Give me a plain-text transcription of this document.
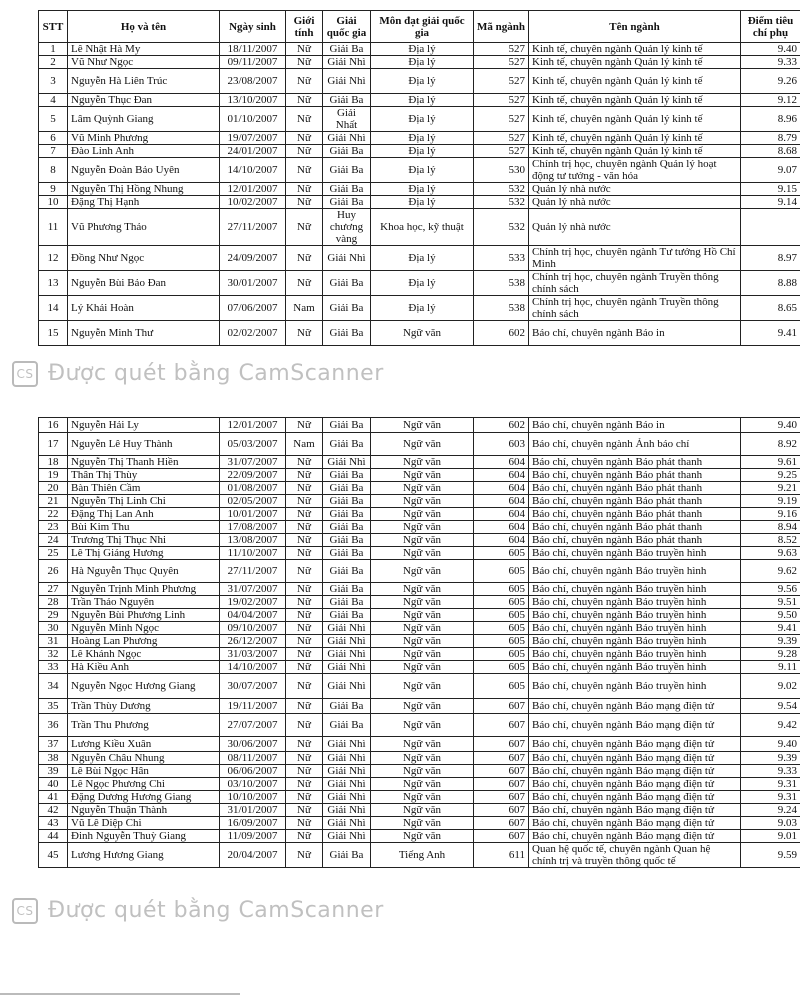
STT	Họ và tên	Ngày sinh	Giới tính	Giải quốc gia	Môn đạt giải quốc gia	Mã ngành	Tên ngành	Điểm tiêu chí phụ
1	Lê Nhật Hà My	18/11/2007	Nữ	Giải Ba	Địa lý	527	Kinh tế, chuyên ngành Quản lý kinh tế	9.40
2	Vũ Như Ngọc	09/11/2007	Nữ	Giải Nhì	Địa lý	527	Kinh tế, chuyên ngành Quản lý kinh tế	9.33
3	Nguyễn Hà Liên Trúc	23/08/2007	Nữ	Giải Nhì	Địa lý	527	Kinh tế, chuyên ngành Quản lý kinh tế	9.26
4	Nguyễn Thục Đan	13/10/2007	Nữ	Giải Ba	Địa lý	527	Kinh tế, chuyên ngành Quản lý kinh tế	9.12
5	Lâm Quỳnh Giang	01/10/2007	Nữ	Giải Nhất	Địa lý	527	Kinh tế, chuyên ngành Quản lý kinh tế	8.96
6	Vũ Minh Phương	19/07/2007	Nữ	Giải Nhì	Địa lý	527	Kinh tế, chuyên ngành Quản lý kinh tế	8.79
7	Đào Linh Anh	24/01/2007	Nữ	Giải Ba	Địa lý	527	Kinh tế, chuyên ngành Quản lý kinh tế	8.68
8	Nguyễn Đoàn Bảo Uyên	14/10/2007	Nữ	Giải Ba	Địa lý	530	Chính trị học, chuyên ngành Quản lý hoạt động tư tưởng - văn hóa	9.07
9	Nguyễn Thị Hồng Nhung	12/01/2007	Nữ	Giải Ba	Địa lý	532	Quản lý nhà nước	9.15
10	Đặng Thị Hạnh	10/02/2007	Nữ	Giải Ba	Địa lý	532	Quản lý nhà nước	9.14
11	Vũ Phương Thảo	27/11/2007	Nữ	Huy chương vàng	Khoa học, kỹ thuật	532	Quản lý nhà nước	
12	Đồng Như Ngọc	24/09/2007	Nữ	Giải Nhì	Địa lý	533	Chính trị học, chuyên ngành Tư tưởng Hồ Chí Minh	8.97
13	Nguyễn Bùi Bảo Đan	30/01/2007	Nữ	Giải Ba	Địa lý	538	Chính trị học, chuyên ngành Truyền thông chính sách	8.88
14	Lý Khải Hoàn	07/06/2007	Nam	Giải Ba	Địa lý	538	Chính trị học, chuyên ngành Truyền thông chính sách	8.65
15	Nguyễn Minh Thư	02/02/2007	Nữ	Giải Ba	Ngữ văn	602	Báo chí, chuyên ngành Báo in	9.41
16	Nguyễn Hải Ly	12/01/2007	Nữ	Giải Ba	Ngữ văn	602	Báo chí, chuyên ngành Báo in	9.40
17	Nguyễn Lê Huy Thành	05/03/2007	Nam	Giải Ba	Ngữ văn	603	Báo chí, chuyên ngành Ảnh báo chí	8.92
18	Nguyễn Thị Thanh Hiền	31/07/2007	Nữ	Giải Nhì	Ngữ văn	604	Báo chí, chuyên ngành Báo phát thanh	9.61
19	Thân Thị Thùy	22/09/2007	Nữ	Giải Ba	Ngữ văn	604	Báo chí, chuyên ngành Báo phát thanh	9.25
20	Bàn Thiên Cầm	01/08/2007	Nữ	Giải Ba	Ngữ văn	604	Báo chí, chuyên ngành Báo phát thanh	9.21
21	Nguyễn Thị Linh Chi	02/05/2007	Nữ	Giải Ba	Ngữ văn	604	Báo chí, chuyên ngành Báo phát thanh	9.19
22	Đặng Thị Lan Anh	10/01/2007	Nữ	Giải Ba	Ngữ văn	604	Báo chí, chuyên ngành Báo phát thanh	9.16
23	Bùi Kim Thu	17/08/2007	Nữ	Giải Ba	Ngữ văn	604	Báo chí, chuyên ngành Báo phát thanh	8.94
24	Trương Thị Thục Nhi	13/08/2007	Nữ	Giải Ba	Ngữ văn	604	Báo chí, chuyên ngành Báo phát thanh	8.52
25	Lê Thị Giáng Hương	11/10/2007	Nữ	Giải Ba	Ngữ văn	605	Báo chí, chuyên ngành Báo truyền hình	9.63
26	Hà Nguyễn Thục Quyên	27/11/2007	Nữ	Giải Ba	Ngữ văn	605	Báo chí, chuyên ngành Báo truyền hình	9.62
27	Nguyễn Trịnh Minh Phương	31/07/2007	Nữ	Giải Ba	Ngữ văn	605	Báo chí, chuyên ngành Báo truyền hình	9.56
28	Trần Thảo Nguyên	19/02/2007	Nữ	Giải Ba	Ngữ văn	605	Báo chí, chuyên ngành Báo truyền hình	9.51
29	Nguyễn Bùi Phương Linh	04/04/2007	Nữ	Giải Ba	Ngữ văn	605	Báo chí, chuyên ngành Báo truyền hình	9.50
30	Nguyễn Minh Ngọc	09/10/2007	Nữ	Giải Nhì	Ngữ văn	605	Báo chí, chuyên ngành Báo truyền hình	9.41
31	Hoàng Lan Phương	26/12/2007	Nữ	Giải Nhì	Ngữ văn	605	Báo chí, chuyên ngành Báo truyền hình	9.39
32	Lê Khánh Ngọc	31/03/2007	Nữ	Giải Nhì	Ngữ văn	605	Báo chí, chuyên ngành Báo truyền hình	9.28
33	Hà Kiều Anh	14/10/2007	Nữ	Giải Nhì	Ngữ văn	605	Báo chí, chuyên ngành Báo truyền hình	9.11
34	Nguyễn Ngọc Hương Giang	30/07/2007	Nữ	Giải Nhì	Ngữ văn	605	Báo chí, chuyên ngành Báo truyền hình	9.02
35	Trần Thùy Dương	19/11/2007	Nữ	Giải Ba	Ngữ văn	607	Báo chí, chuyên ngành Báo mạng điện tử	9.54
36	Trần Thu Phương	27/07/2007	Nữ	Giải Ba	Ngữ văn	607	Báo chí, chuyên ngành Báo mạng điện tử	9.42
37	Lương Kiều Xuân	30/06/2007	Nữ	Giải Nhì	Ngữ văn	607	Báo chí, chuyên ngành Báo mạng điện tử	9.40
38	Nguyễn Châu Nhung	08/11/2007	Nữ	Giải Nhì	Ngữ văn	607	Báo chí, chuyên ngành Báo mạng điện tử	9.39
39	Lê Bùi Ngọc Hân	06/06/2007	Nữ	Giải Nhì	Ngữ văn	607	Báo chí, chuyên ngành Báo mạng điện tử	9.33
40	Lê Ngọc Phương Chi	03/10/2007	Nữ	Giải Nhì	Ngữ văn	607	Báo chí, chuyên ngành Báo mạng điện tử	9.31
41	Đặng Dương Hương Giang	10/10/2007	Nữ	Giải Nhì	Ngữ văn	607	Báo chí, chuyên ngành Báo mạng điện tử	9.31
42	Nguyễn Thuận Thành	31/01/2007	Nữ	Giải Nhì	Ngữ văn	607	Báo chí, chuyên ngành Báo mạng điện tử	9.24
43	Vũ Lê Diệp Chi	16/09/2007	Nữ	Giải Nhì	Ngữ văn	607	Báo chí, chuyên ngành Báo mạng điện tử	9.03
44	Đinh Nguyễn Thuỳ Giang	11/09/2007	Nữ	Giải Nhì	Ngữ văn	607	Báo chí, chuyên ngành Báo mạng điện tử	9.01
45	Lương Hương Giang	20/04/2007	Nữ	Giải Ba	Tiếng Anh	611	Quan hệ quốc tế, chuyên ngành Quan hệ chính trị và truyền thông quốc tế	9.59
CS Được quét bằng CamScanner
CS Được quét bằng CamScanner
